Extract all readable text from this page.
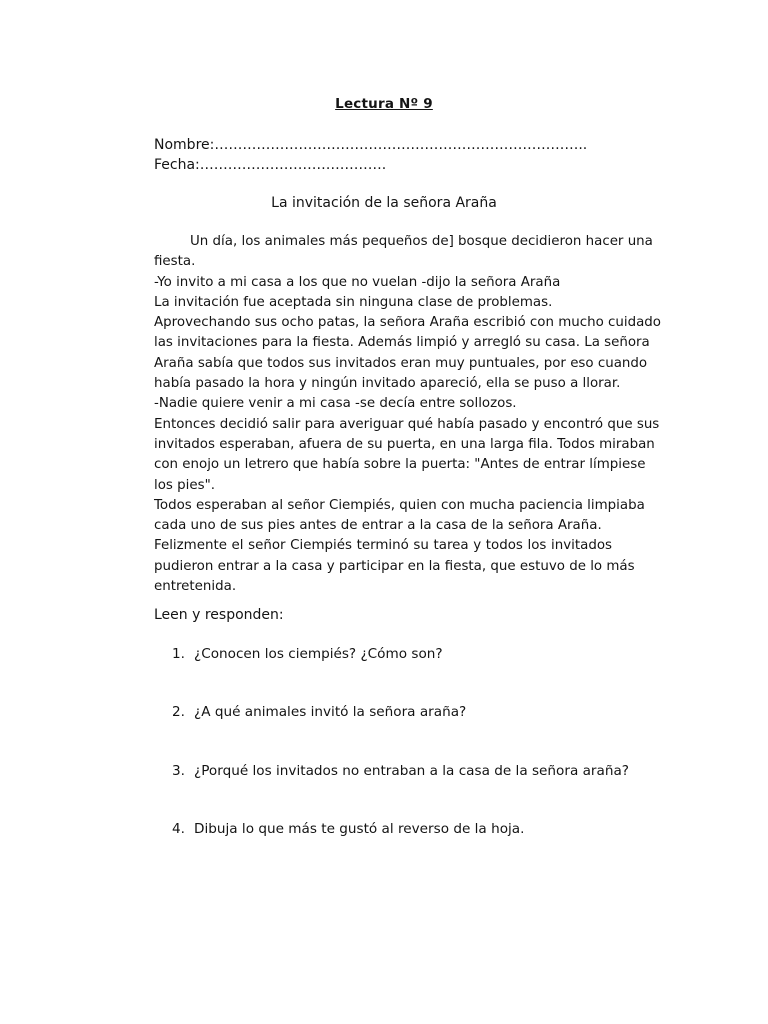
Lectura Nº 9
Nombre:……………………………………………………………………..
Fecha:………………………………….
La invitación de la señora Araña
Un día, los animales más pequeños de] bosque decidieron hacer una
fiesta.
-Yo invito a mi casa a los que no vuelan -dijo la señora Araña
La invitación fue aceptada sin ninguna clase de problemas.
Aprovechando sus ocho patas, la señora Araña escribió con mucho cuidado
las invitaciones para la fiesta. Además limpió y arregló su casa. La señora
Araña sabía que todos sus invitados eran muy puntuales, por eso cuando
había pasado la hora y ningún invitado apareció, ella se puso a llorar.
-Nadie quiere venir a mi casa -se decía entre sollozos.
Entonces decidió salir para averiguar qué había pasado y encontró que sus
invitados esperaban, afuera de su puerta, en una larga fila. Todos miraban
con enojo un letrero que había sobre la puerta: "Antes de entrar límpiese
los pies".
Todos esperaban al señor Ciempiés, quien con mucha paciencia limpiaba
cada uno de sus pies antes de entrar a la casa de la señora Araña.
Felizmente el señor Ciempiés terminó su tarea y todos los invitados
pudieron entrar a la casa y participar en la fiesta, que estuvo de lo más
entretenida.
Leen y responden:
1. ¿Conocen los ciempiés? ¿Cómo son?
2. ¿A qué animales invitó la señora araña?
3. ¿Porqué los invitados no entraban a la casa de la señora araña?
4. Dibuja lo que más te gustó al reverso de la hoja.
